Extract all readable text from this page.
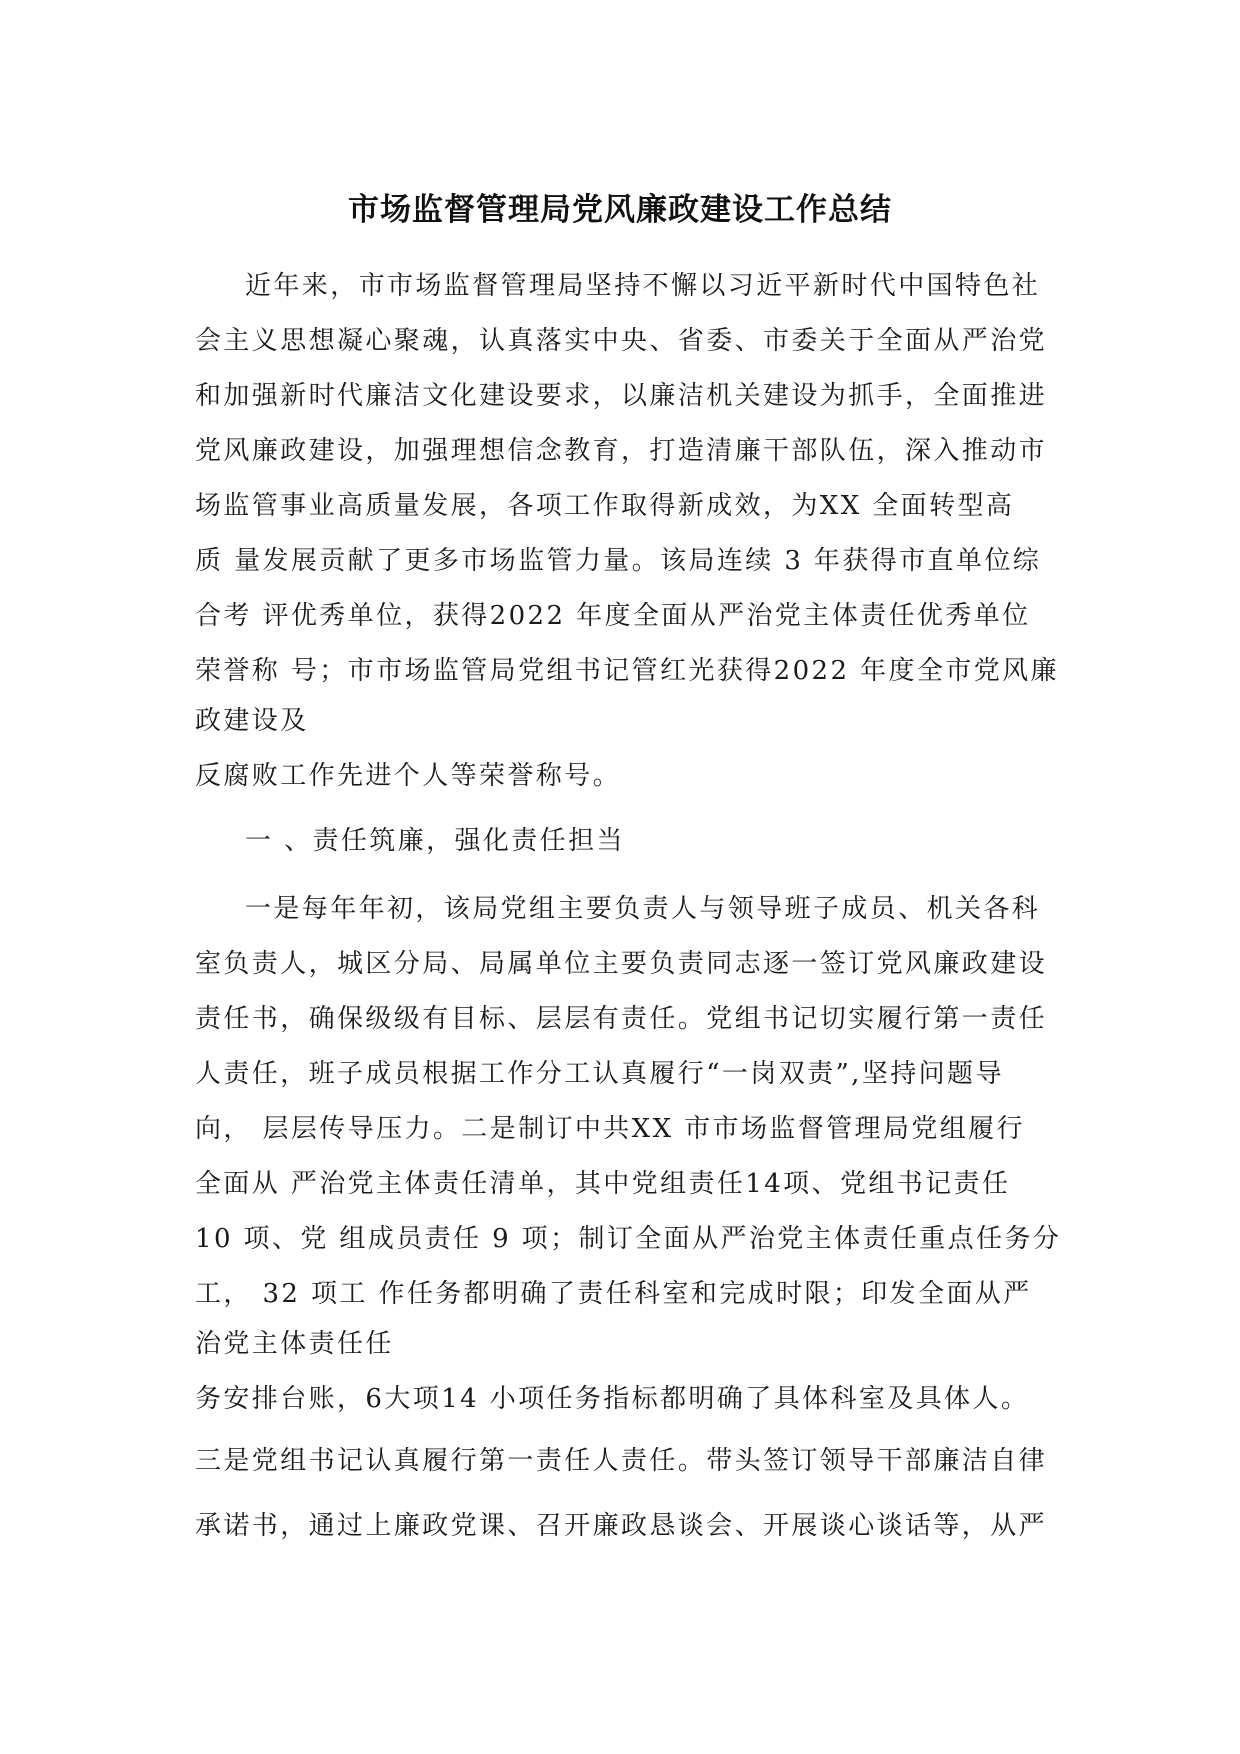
市场监督管理局党风廉政建设工作总结
近年来，市市场监督管理局坚持不懈以习近平新时代中国特色社
会主义思想凝心聚魂，认真落实中央、省委、市委关于全面从严治党
和加强新时代廉洁文化建设要求，以廉洁机关建设为抓手，全面推进
党风廉政建设，加强理想信念教育，打造清廉干部队伍，深入推动市
场监管事业高质量发展，各项工作取得新成效，为XX 全面转型高
质 量发展贡献了更多市场监管力量。该局连续 3 年获得市直单位综
合考 评优秀单位，获得2022 年度全面从严治党主体责任优秀单位
荣誉称 号；市市场监管局党组书记管红光获得2022 年度全市党风廉
政建设及
反腐败工作先进个人等荣誉称号。
一 、责任筑廉，强化责任担当
一是每年年初，该局党组主要负责人与领导班子成员、机关各科
室负责人，城区分局、局属单位主要负责同志逐一签订党风廉政建设
责任书，确保级级有目标、层层有责任。党组书记切实履行第一责任
人责任，班子成员根据工作分工认真履行“一岗双责”,坚持问题导
向， 层层传导压力。二是制订中共XX 市市场监督管理局党组履行
全面从 严治党主体责任清单，其中党组责任14项、党组书记责任
10 项、党 组成员责任 9 项；制订全面从严治党主体责任重点任务分
工， 32 项工 作任务都明确了责任科室和完成时限；印发全面从严
治党主体责任任
务安排台账，6大项14 小项任务指标都明确了具体科室及具体人。
三是党组书记认真履行第一责任人责任。带头签订领导干部廉洁自律
承诺书，通过上廉政党课、召开廉政恳谈会、开展谈心谈话等，从严
